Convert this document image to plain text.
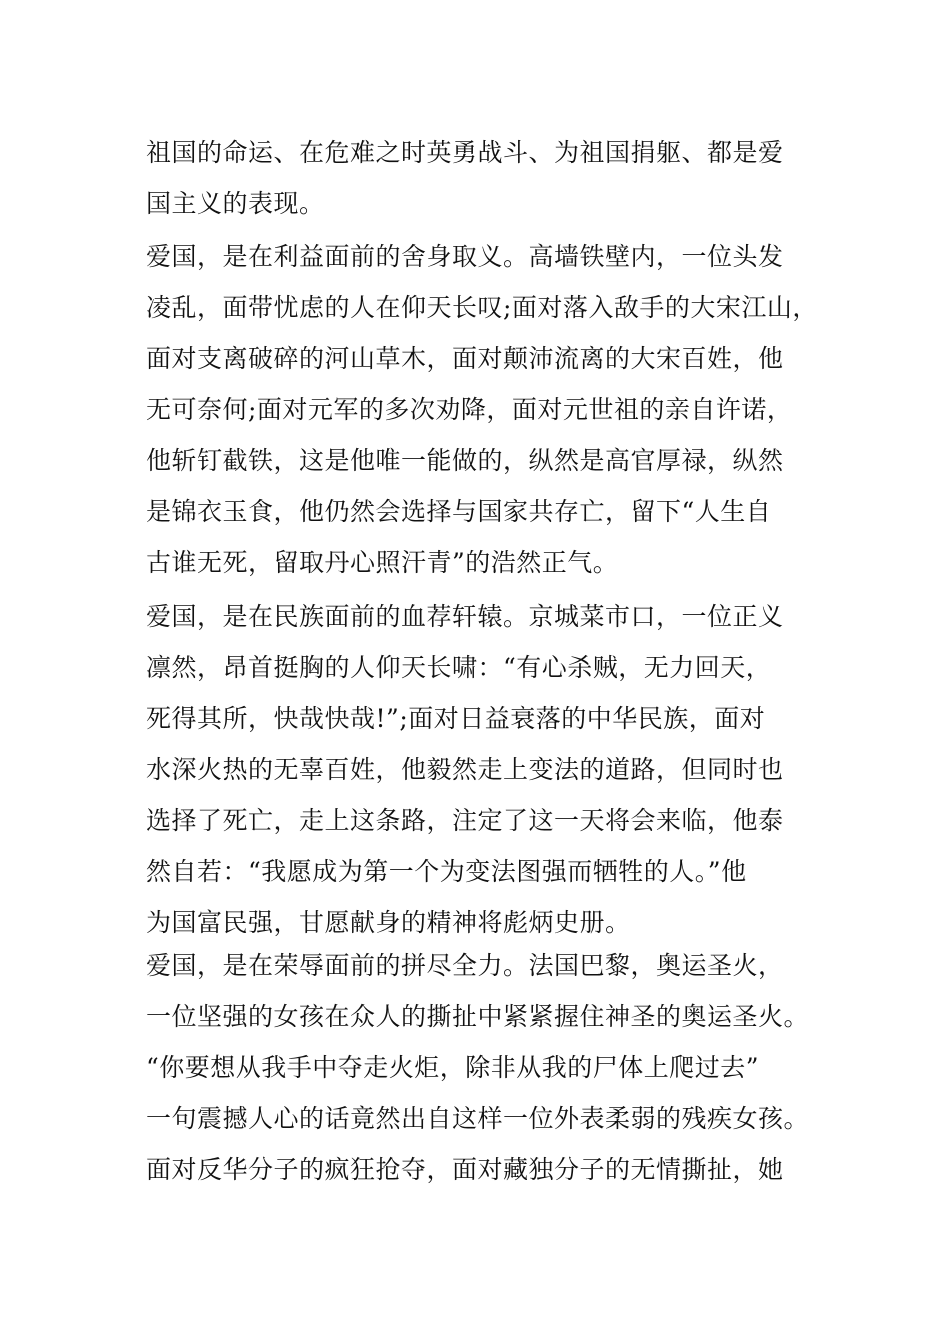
祖国的命运、在危难之时英勇战斗、为祖国捐躯、都是爱
国主义的表现。
爱国，是在利益面前的舍身取义。高墙铁壁内，一位头发
凌乱，面带忧虑的人在仰天长叹;面对落入敌手的大宋江山，
面对支离破碎的河山草木，面对颠沛流离的大宋百姓，他
无可奈何;面对元军的多次劝降，面对元世祖的亲自许诺，
他斩钉截铁，这是他唯一能做的，纵然是高官厚禄，纵然
是锦衣玉食，他仍然会选择与国家共存亡，留下“人生自
古谁无死，留取丹心照汗青”的浩然正气。
爱国，是在民族面前的血荐轩辕。京城菜市口，一位正义
凛然，昂首挺胸的人仰天长啸：“有心杀贼，无力回天，
死得其所，快哉快哉!”;面对日益衰落的中华民族，面对
水深火热的无辜百姓，他毅然走上变法的道路，但同时也
选择了死亡，走上这条路，注定了这一天将会来临，他泰
然自若：“我愿成为第一个为变法图强而牺牲的人。”他
为国富民强，甘愿献身的精神将彪炳史册。
爱国，是在荣辱面前的拼尽全力。法国巴黎，奥运圣火，
一位坚强的女孩在众人的撕扯中紧紧握住神圣的奥运圣火。
“你要想从我手中夺走火炬，除非从我的尸体上爬过去”
一句震撼人心的话竟然出自这样一位外表柔弱的残疾女孩。
面对反华分子的疯狂抢夺，面对藏独分子的无情撕扯，她
